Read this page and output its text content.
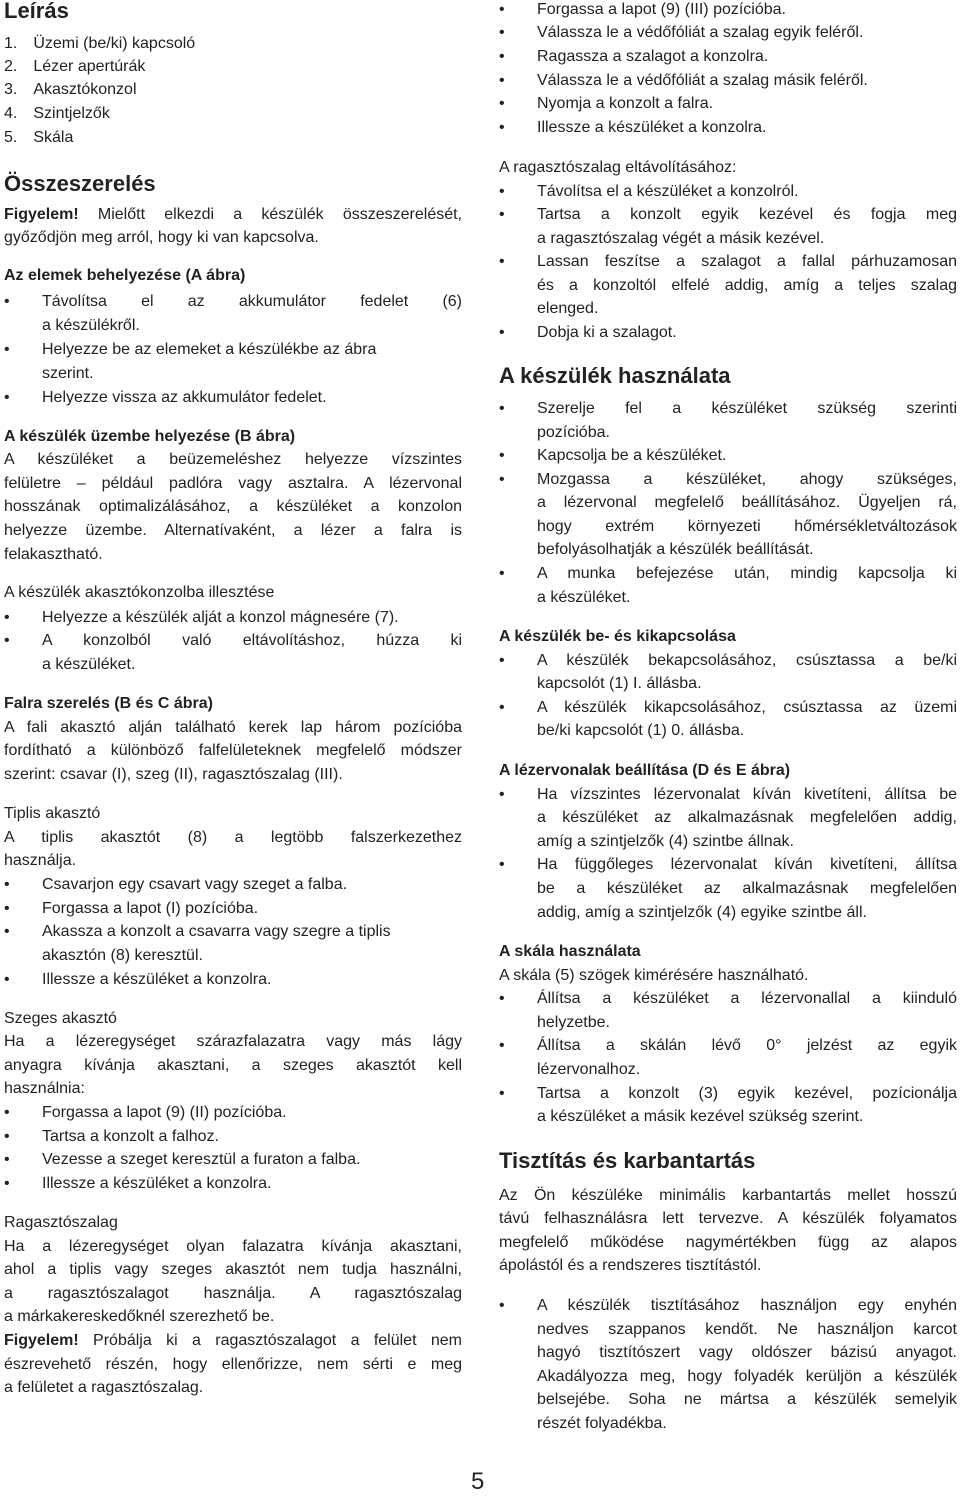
Leírás
1. Üzemi (be/ki) kapcsoló
2. Lézer apertúrák
3. Akasztókonzol
4. Szintjelzők
5. Skála
Összeszerelés
Figyelem! Mielőtt elkezdi a készülék összeszerelését,
győződjön meg arról, hogy ki van kapcsolva.
Az elemek behelyezése (A ábra)
• Távolítsa el az akkumulátor fedelet (6)
a készülékről.
• Helyezze be az elemeket a készülékbe az ábra
szerint.
• Helyezze vissza az akkumulátor fedelet.
A készülék üzembe helyezése (B ábra)
A készüléket a beüzemeléshez helyezze vízszintes
felületre – például padlóra vagy asztalra. A lézervonal
hosszának optimalizálásához, a készüléket a konzolon
helyezze üzembe. Alternatívaként, a lézer a falra is
felakasztható.
A készülék akasztókonzolba illesztése
• Helyezze a készülék alját a konzol mágnesére (7).
• A konzolból való eltávolításhoz, húzza ki
a készüléket.
Falra szerelés (B és C ábra)
A fali akasztó alján található kerek lap három pozícióba
fordítható a különböző falfelületeknek megfelelő módszer
szerint: csavar (I), szeg (II), ragasztószalag (III).
Tiplis akasztó
A tiplis akasztót (8) a legtöbb falszerkezethez
használja.
• Csavarjon egy csavart vagy szeget a falba.
• Forgassa a lapot (I) pozícióba.
• Akassza a konzolt a csavarra vagy szegre a tiplis
akasztón (8) keresztül.
• Illessze a készüléket a konzolra.
Szeges akasztó
Ha a lézeregységet szárazfalazatra vagy más lágy
anyagra kívánja akasztani, a szeges akasztót kell
használnia:
• Forgassa a lapot (9) (II) pozícióba.
• Tartsa a konzolt a falhoz.
• Vezesse a szeget keresztül a furaton a falba.
• Illessze a készüléket a konzolra.
Ragasztószalag
Ha a lézeregységet olyan falazatra kívánja akasztani,
ahol a tiplis vagy szeges akasztót nem tudja használni,
a ragasztószalagot használja. A ragasztószalag
a márkakereskedőknél szerezhető be.
Figyelem! Próbálja ki a ragasztószalagot a felület nem
észrevehető részén, hogy ellenőrizze, nem sérti e meg
a felületet a ragasztószalag.
• Forgassa a lapot (9) (III) pozícióba.
• Válassza le a védőfóliát a szalag egyik feléről.
• Ragassza a szalagot a konzolra.
• Válassza le a védőfóliát a szalag másik feléről.
• Nyomja a konzolt a falra.
• Illessze a készüléket a konzolra.
A ragasztószalag eltávolításához:
• Távolítsa el a készüléket a konzolról.
• Tartsa a konzolt egyik kezével és fogja meg
a ragasztószalag végét a másik kezével.
• Lassan feszítse a szalagot a fallal párhuzamosan
és a konzoltól elfelé addig, amíg a teljes szalag
elenged.
• Dobja ki a szalagot.
A készülék használata
• Szerelje fel a készüléket szükség szerinti
pozícióba.
• Kapcsolja be a készüléket.
• Mozgassa a készüléket, ahogy szükséges,
a lézervonal megfelelő beállításához. Ügyeljen rá,
hogy extrém környezeti hőmérsékletváltozások
befolyásolhatják a készülék beállítását.
• A munka befejezése után, mindig kapcsolja ki
a készüléket.
A készülék be- és kikapcsolása
• A készülék bekapcsolásához, csúsztassa a be/ki
kapcsolót (1) I. állásba.
• A készülék kikapcsolásához, csúsztassa az üzemi
be/ki kapcsolót (1) 0. állásba.
A lézervonalak beállítása (D és E ábra)
• Ha vízszintes lézervonalat kíván kivetíteni, állítsa be
a készüléket az alkalmazásnak megfelelően addig,
amíg a szintjelzők (4) szintbe állnak.
• Ha függőleges lézervonalat kíván kivetíteni, állítsa
be a készüléket az alkalmazásnak megfelelően
addig, amíg a szintjelzők (4) egyike szintbe áll.
A skála használata
A skála (5) szögek kimérésére használható.
• Állítsa a készüléket a lézervonallal a kiinduló
helyzetbe.
• Állítsa a skálán lévő 0° jelzést az egyik
lézervonalhoz.
• Tartsa a konzolt (3) egyik kezével, pozícionálja
a készüléket a másik kezével szükség szerint.
Tisztítás és karbantartás
Az Ön készüléke minimális karbantartás mellet hosszú
távú felhasználásra lett tervezve. A készülék folyamatos
megfelelő működése nagymértékben függ az alapos
ápolástól és a rendszeres tisztítástól.
• A készülék tisztításához használjon egy enyhén
nedves szappanos kendőt. Ne használjon karcot
hagyó tisztítószert vagy oldószer bázisú anyagot.
Akadályozza meg, hogy folyadék kerüljön a készülék
belsejébe. Soha ne mártsa a készülék semelyik
részét folyadékba.
5
